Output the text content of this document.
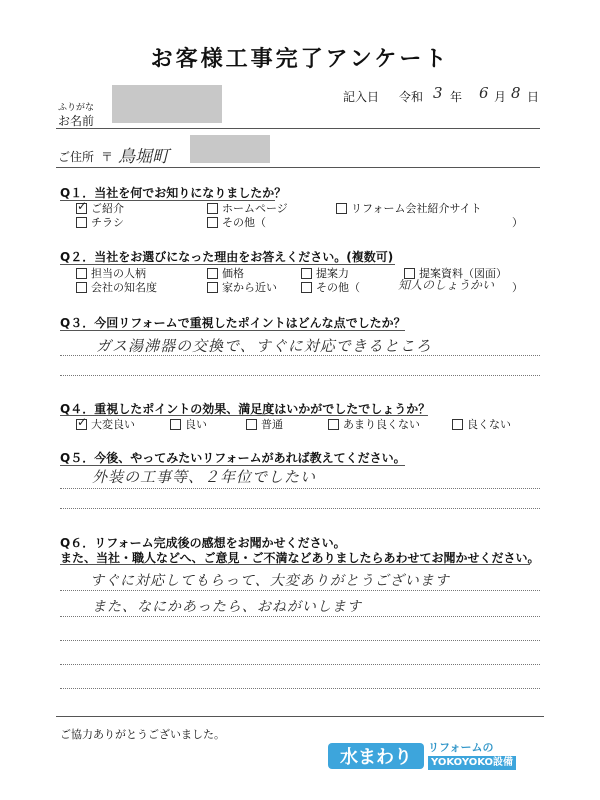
お客様工事完了アンケート
記入日 令和 3 年 6 月 8 日
ふりがな
お名前
ご住所 〒 鳥堀町
Q１．当社を何でお知りになりましたか？
✓
ご紹介	ホームページ	リフォーム会社紹介サイト
チラシ	その他（	）
Q２．当社をお選びになった理由をお答えください。(複数可)
担当の人柄	価格	提案力	提案資料（図面）
会社の知名度	家から近い	その他（	知人のしょうかい ）
Q３．今回リフォームで重視したポイントはどんな点でしたか？
ガス湯沸器の交換で、すぐに対応できるところ
Q４．重視したポイントの効果、満足度はいかがでしたでしょうか？
✓
大変良い	良い	普通	あまり良くない	良くない
Q５．今後、やってみたいリフォームがあれば教えてください。
外装の工事等、２年位でしたい
Q６．リフォーム完成後の感想をお聞かせください。
また、当社・職人などへ、ご意見・ご不満などありましたらあわせてお聞かせください。
すぐに対応してもらって、大変ありがとうございます
また、なにかあったら、おねがいします
ご協力ありがとうございました。
水まわり	リフォームの
YOKOYOKO設備
